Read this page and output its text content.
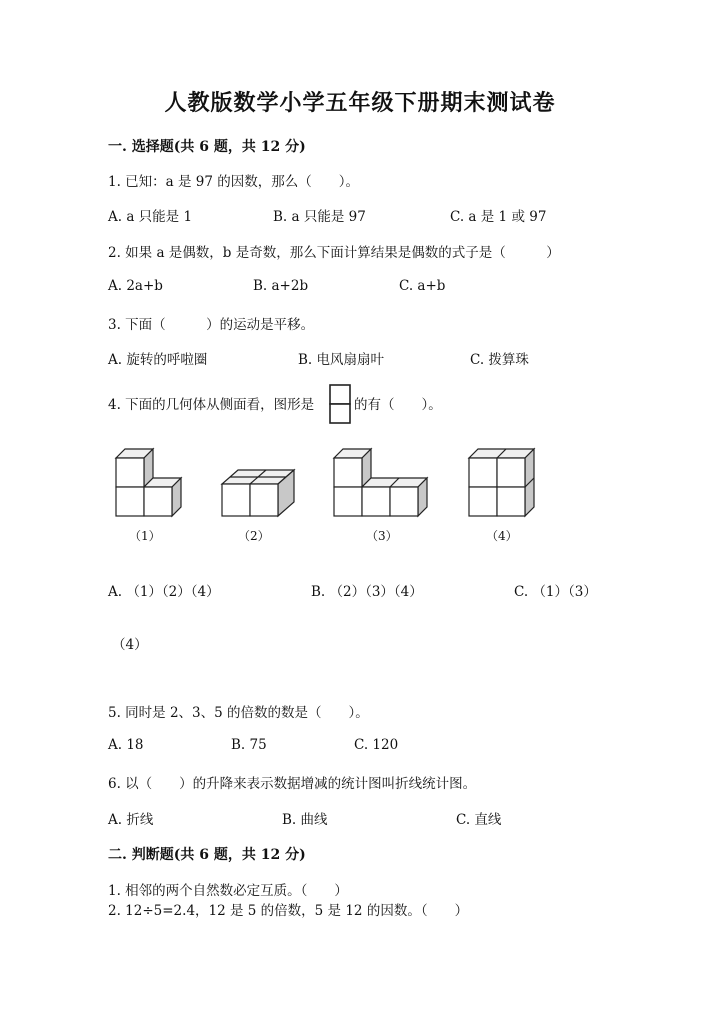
人教版数学小学五年级下册期末测试卷
一. 选择题(共 6 题，共 12 分)
1. 已知：a 是 97 的因数，那么（　　）。
A. a 只能是 1	B. a 只能是 97	C. a 是 1 或 97
2. 如果 a 是偶数，b 是奇数，那么下面计算结果是偶数的式子是（　　　）
A. 2a+b	B. a+2b	C. a+b
3. 下面（　　　）的运动是平移。
A. 旋转的呼啦圈	B. 电风扇扇叶	C. 拨算珠
4. 下面的几何体从侧面看，图形是	的有（　　）。
（1）	（2）	（3）	（4）
A. （1）（2）（4）	B. （2）（3）（4）	C. （1）（3）
（4）
5. 同时是 2、3、5 的倍数的数是（　　）。
A. 18	B. 75	C. 120
6. 以（　　）的升降来表示数据增减的统计图叫折线统计图。
A. 折线	B. 曲线	C. 直线
二. 判断题(共 6 题，共 12 分)
1. 相邻的两个自然数必定互质。（　　）
2. 12÷5=2.4，12 是 5 的倍数，5 是 12 的因数。（　　）
